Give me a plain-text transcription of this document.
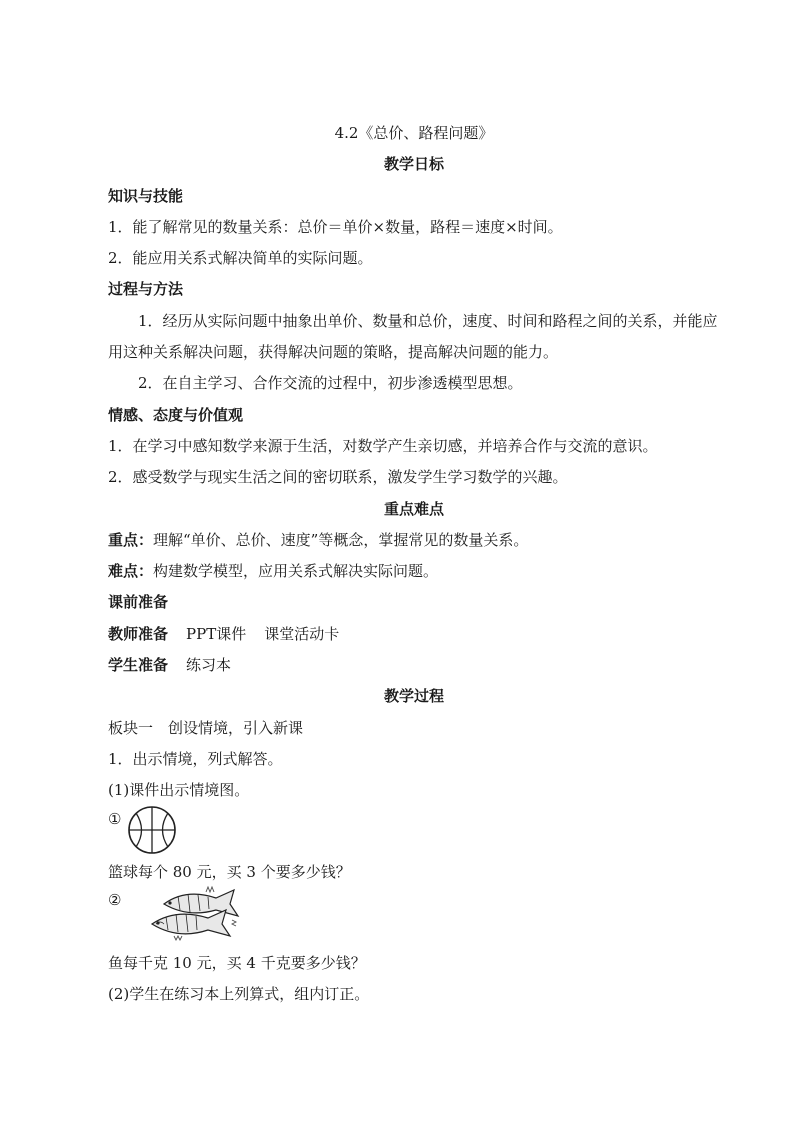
4.2《总价、路程问题》
教学日标
知识与技能
1．能了解常见的数量关系：总价＝单价×数量，路程＝速度×时间。
2．能应用关系式解决简单的实际问题。
过程与方法
1．经历从实际问题中抽象出单价、数量和总价，速度、时间和路程之间的关系，并能应用这种关系解决问题，获得解决问题的策略，提高解决问题的能力。
2．在自主学习、合作交流的过程中，初步渗透模型思想。
情感、态度与价值观
1．在学习中感知数学来源于生活，对数学产生亲切感，并培养合作与交流的意识。
2．感受数学与现实生活之间的密切联系，激发学生学习数学的兴趣。
重点难点
重点：理解“单价、总价、速度”等概念，掌握常见的数量关系。
难点：构建数学模型，应用关系式解决实际问题。
课前准备
教师准备 PPT课件 课堂活动卡
学生准备 练习本
教学过程
板块一　创设情境，引入新课
1．出示情境，列式解答。
(1)课件出示情境图。
①
篮球每个 80 元，买 3 个要多少钱？
②
鱼每千克 10 元，买 4 千克要多少钱？
(2)学生在练习本上列算式，组内订正。
